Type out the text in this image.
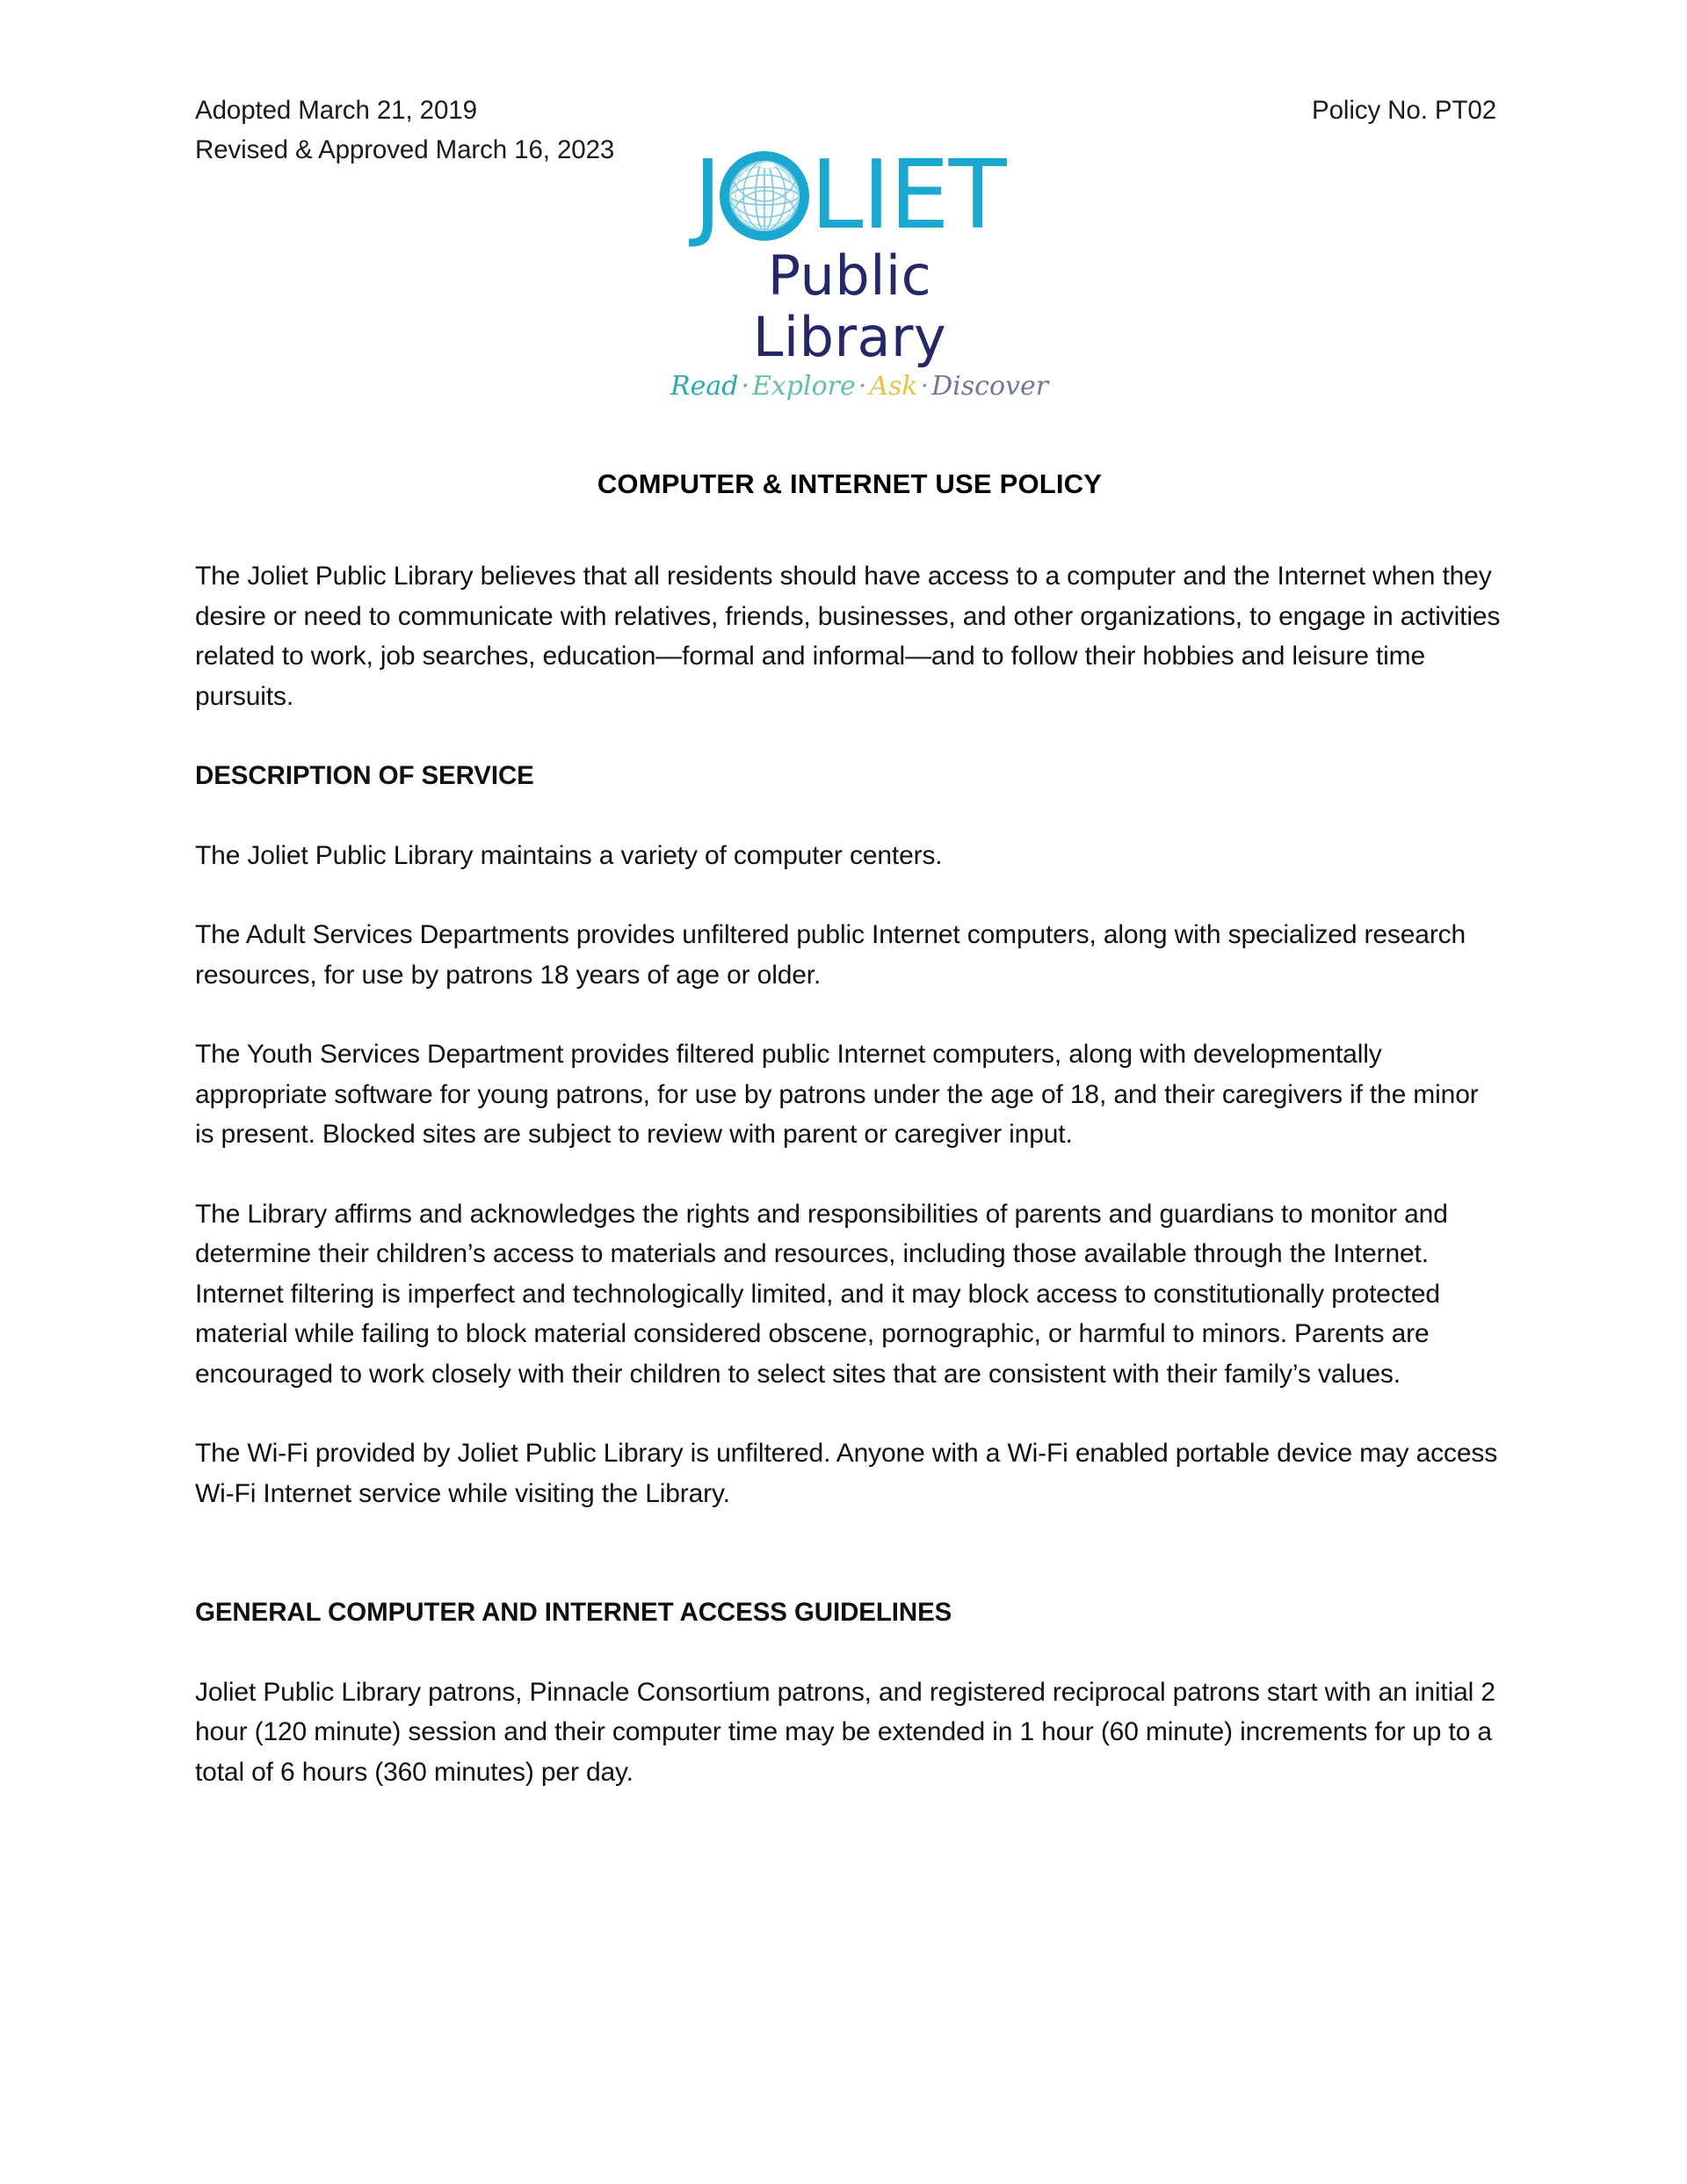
Adopted March 21, 2019
Revised & Approved March 16, 2023
Policy No. PT02
J LIET
Public Library
Read · Explore · Ask · Discover
COMPUTER & INTERNET USE POLICY

The Joliet Public Library believes that all residents should have access to a computer and the Internet when they desire or need to communicate with relatives, friends, businesses, and other organizations, to engage in activities related to work, job searches, education—formal and informal—and to follow their hobbies and leisure time pursuits.

DESCRIPTION OF SERVICE

The Joliet Public Library maintains a variety of computer centers.

The Adult Services Departments provides unfiltered public Internet computers, along with specialized research resources, for use by patrons 18 years of age or older.

The Youth Services Department provides filtered public Internet computers, along with developmentally appropriate software for young patrons, for use by patrons under the age of 18, and their caregivers if the minor is present. Blocked sites are subject to review with parent or caregiver input.

The Library affirms and acknowledges the rights and responsibilities of parents and guardians to monitor and determine their children’s access to materials and resources, including those available through the Internet. Internet filtering is imperfect and technologically limited, and it may block access to constitutionally protected material while failing to block material considered obscene, pornographic, or harmful to minors. Parents are encouraged to work closely with their children to select sites that are consistent with their family’s values.

The Wi-Fi provided by Joliet Public Library is unfiltered. Anyone with a Wi-Fi enabled portable device may access Wi-Fi Internet service while visiting the Library.

GENERAL COMPUTER AND INTERNET ACCESS GUIDELINES

Joliet Public Library patrons, Pinnacle Consortium patrons, and registered reciprocal patrons start with an initial 2 hour (120 minute) session and their computer time may be extended in 1 hour (60 minute) increments for up to a total of 6 hours (360 minutes) per day.
